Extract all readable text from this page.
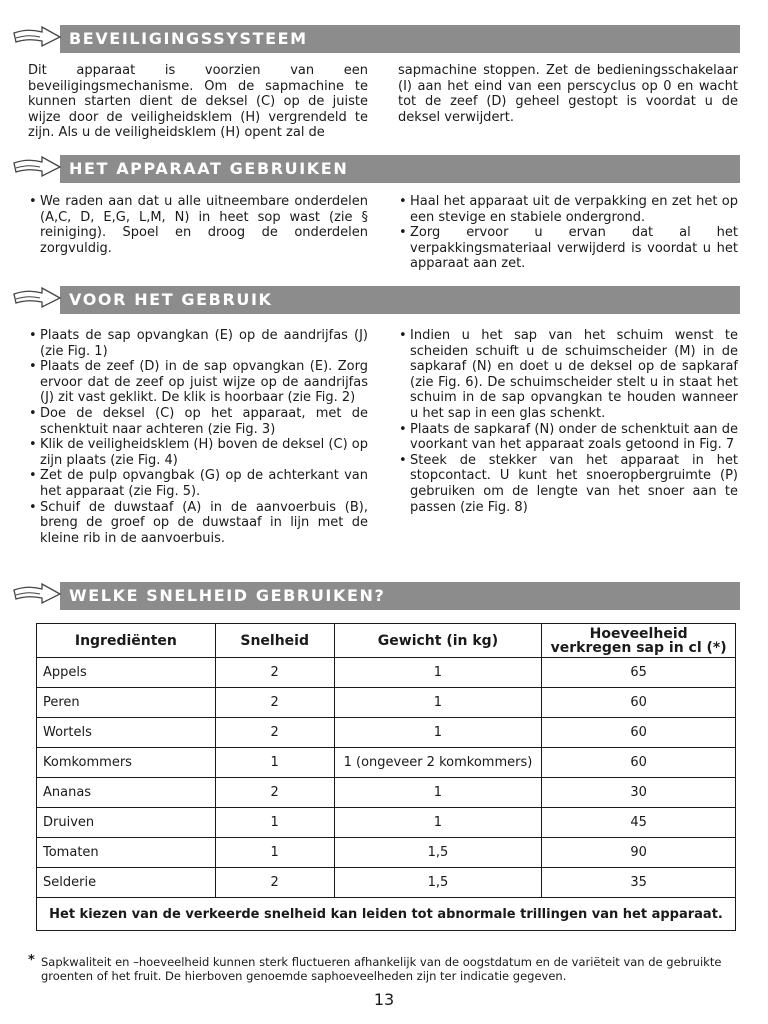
BEVEILIGINGSSYSTEEM

Dit apparaat is voorzien van een beveiligingsmechanisme. Om de sapmachine te kunnen starten dient de deksel (C) op de juiste wijze door de veiligheidsklem (H) vergrendeld te zijn. Als u de veiligheidsklem (H) opent zal de

sapmachine stoppen. Zet de bedieningsschakelaar (I) aan het eind van een perscyclus op 0 en wacht tot de zeef (D) geheel gestopt is voordat u de deksel verwijdert.

HET APPARAAT GEBRUIKEN
• We raden aan dat u alle uitneembare onderdelen (A,C, D, E,G, L,M, N) in heet sop wast (zie § reiniging). Spoel en droog de onderdelen zorgvuldig.
• Haal het apparaat uit de verpakking en zet het op een stevige en stabiele ondergrond.
• Zorg ervoor u ervan dat al het verpakkingsmateriaal verwijderd is voordat u het apparaat aan zet.
VOOR HET GEBRUIK
• Plaats de sap opvangkan (E) op de aandrijfas (J) (zie Fig. 1)
• Plaats de zeef (D) in de sap opvangkan (E). Zorg ervoor dat de zeef op juist wijze op de aandrijfas (J) zit vast geklikt. De klik is hoorbaar (zie Fig. 2)
• Doe de deksel (C) op het apparaat, met de schenktuit naar achteren (zie Fig. 3)
• Klik de veiligheidsklem (H) boven de deksel (C) op zijn plaats (zie Fig. 4)
• Zet de pulp opvangbak (G) op de achterkant van het apparaat (zie Fig. 5).
• Schuif de duwstaaf (A) in de aanvoerbuis (B), breng de groef op de duwstaaf in lijn met de kleine rib in de aanvoerbuis.
• Indien u het sap van het schuim wenst te scheiden schuift u de schuimscheider (M) in de sapkaraf (N) en doet u de deksel op de sapkaraf (zie Fig. 6). De schuimscheider stelt u in staat het schuim in de sap opvangkan te houden wanneer u het sap in een glas schenkt.
• Plaats de sapkaraf (N) onder de schenktuit aan de voorkant van het apparaat zoals getoond in Fig. 7
• Steek de stekker van het apparaat in het stopcontact. U kunt het snoeropbergruimte (P) gebruiken om de lengte van het snoer aan te passen (zie Fig. 8)
WELKE SNELHEID GEBRUIKEN?
Ingrediënten	Snelheid	Gewicht (in kg)	Hoeveelheid verkregen sap in cl (*)
Appels	2	1	65
Peren	2	1	60
Wortels	2	1	60
Komkommers	1	1 (ongeveer 2 komkommers)	60
Ananas	2	1	30
Druiven	1	1	45
Tomaten	1	1,5	90
Selderie	2	1,5	35
Het kiezen van de verkeerde snelheid kan leiden tot abnormale trillingen van het apparaat.			
* Sapkwaliteit en –hoeveelheid kunnen sterk fluctueren afhankelijk van de oogstdatum en de variëteit van de gebruikte groenten of het fruit. De hierboven genoemde saphoeveelheden zijn ter indicatie gegeven.
13
